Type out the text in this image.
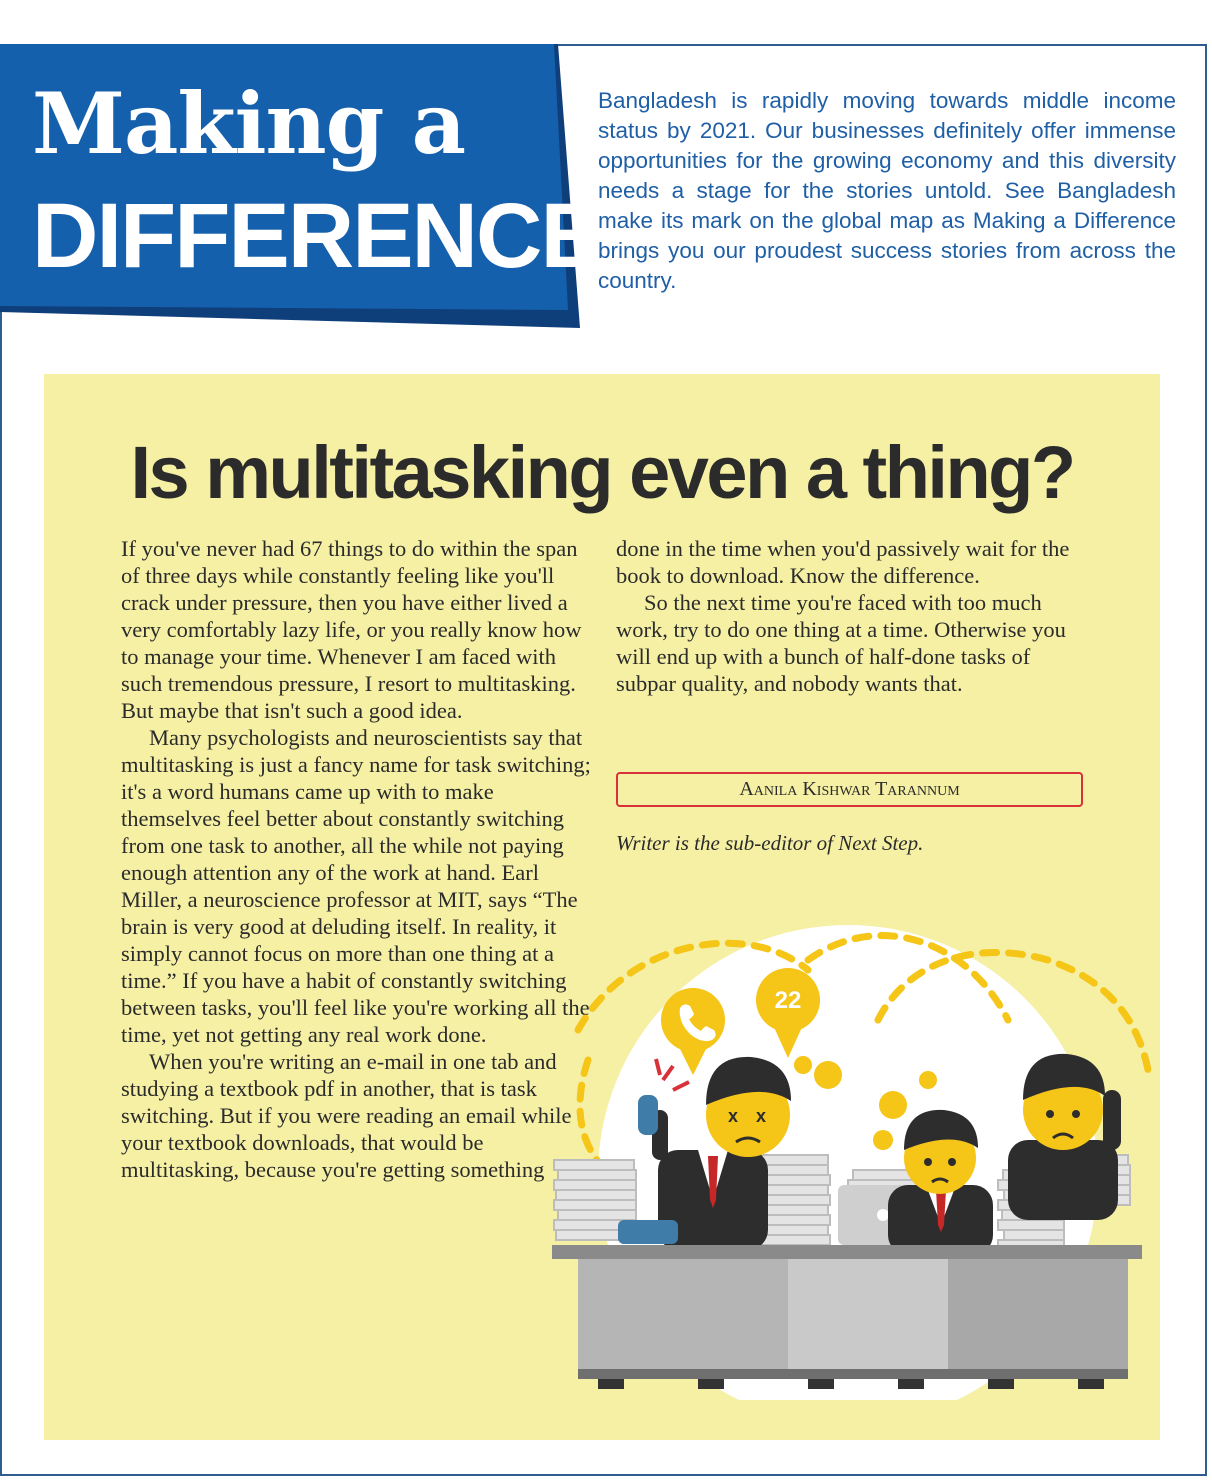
Making a
DIFFERENCE

Bangladesh is rapidly moving towards middle income status by 2021. Our businesses definitely offer immense opportunities for the growing economy and this diversity needs a stage for the stories untold. See Bangladesh make its mark on the global map as Making a Difference brings you our proudest success stories from across the country.

Is multitasking even a thing?

If you've never had 67 things to do within the span of three days while constantly feeling like you'll crack under pressure, then you have either lived a very comfortably lazy life, or you really know how to manage your time. Whenever I am faced with such tremendous pressure, I resort to multitasking. But maybe that isn't such a good idea.

Many psychologists and neuroscientists say that multitasking is just a fancy name for task switching; it's a word humans came up with to make themselves feel better about constantly switching from one task to another, all the while not paying enough attention any of the work at hand. Earl Miller, a neuroscience professor at MIT, says “The brain is very good at deluding itself. In reality, it simply cannot focus on more than one thing at a time.” If you have a habit of constantly switching between tasks, you'll feel like you're working all the time, yet not getting any real work done.

When you're writing an e-mail in one tab and studying a textbook pdf in another, that is task switching. But if you were reading an email while your textbook downloads, that would be multitasking, because you're getting something

done in the time when you'd passively wait for the book to download. Know the difference.

So the next time you're faced with too much work, try to do one thing at a time. Otherwise you will end up with a bunch of half-done tasks of subpar quality, and nobody wants that.

Aanila Kishwar Tarannum

Writer is the sub-editor of Next Step.

22
x x
